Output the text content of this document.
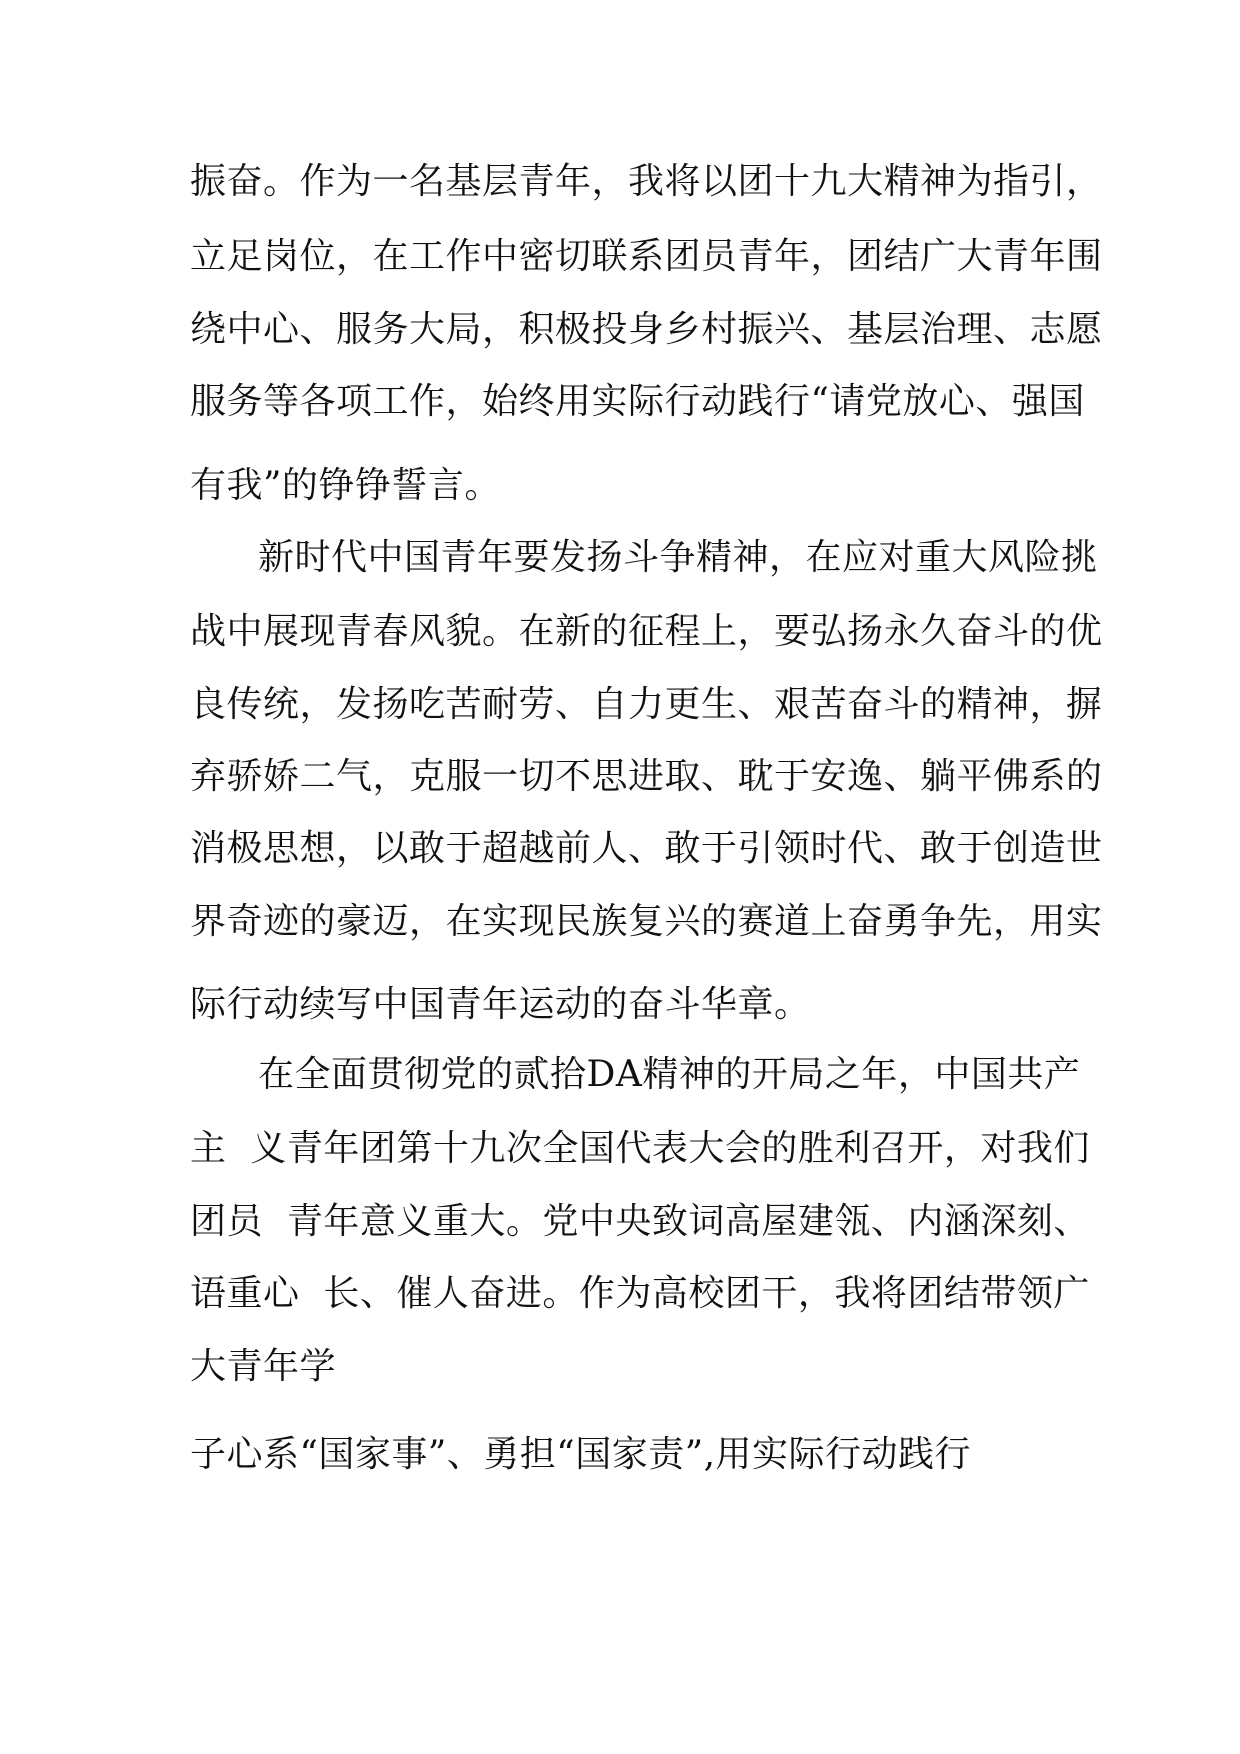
振奋。作为一名基层青年，我将以团十九大精神为指引，
立足岗位，在工作中密切联系团员青年，团结广大青年围
绕中心、服务大局，积极投身乡村振兴、基层治理、志愿
服务等各项工作，始终用实际行动践行“请党放心、强国
有我”的铮铮誓言。
新时代中国青年要发扬斗争精神，在应对重大风险挑
战中展现青春风貌。在新的征程上，要弘扬永久奋斗的优
良传统，发扬吃苦耐劳、自力更生、艰苦奋斗的精神，摒
弃骄娇二气，克服一切不思进取、耽于安逸、躺平佛系的
消极思想，以敢于超越前人、敢于引领时代、敢于创造世
界奇迹的豪迈，在实现民族复兴的赛道上奋勇争先，用实
际行动续写中国青年运动的奋斗华章。
在全面贯彻党的贰拾DA精神的开局之年，中国共产
主  义青年团第十九次全国代表大会的胜利召开，对我们
团员  青年意义重大。党中央致词高屋建瓴、内涵深刻、
语重心  长、催人奋进。作为高校团干，我将团结带领广
大青年学
子心系“国家事”、勇担“国家责”,用实际行动践行
